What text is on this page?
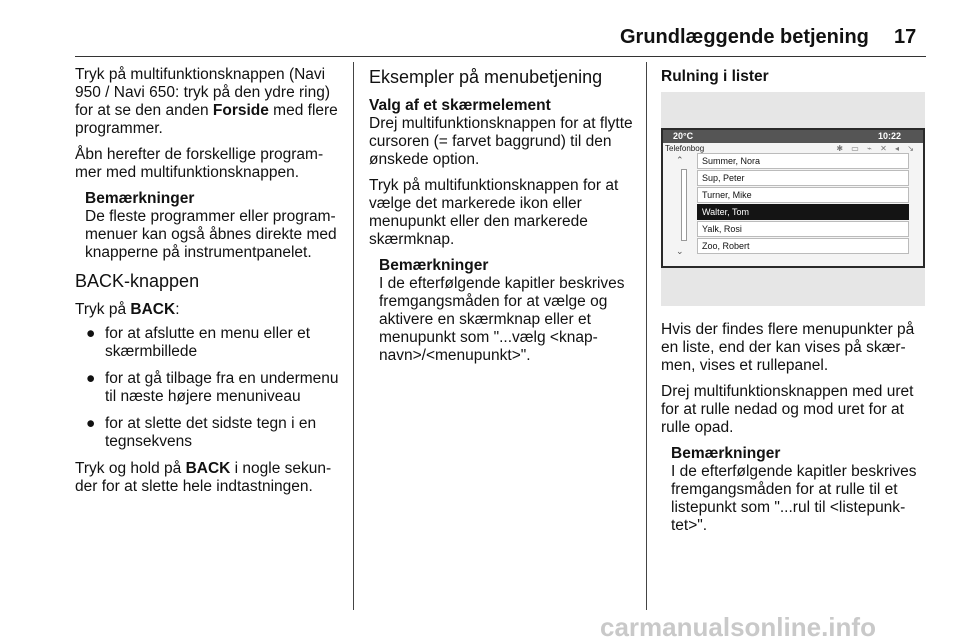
Grundlæggende betjening 17

Tryk på multifunktionsknappen (Navi 950 / Navi 650: tryk på den ydre ring) for at se den anden Forside med flere programmer.

Åbn herefter de forskellige programmer med multifunktionsknappen.

Bemærkninger
De fleste programmer eller programmenuer kan også åbnes direkte med knapperne på instrumentpanelet.
BACK-knappen

Tryk på BACK:

● for at afslutte en menu eller et skærmbillede
● for at gå tilbage fra en undermenu til næste højere menuniveau
● for at slette det sidste tegn i en tegnsekvens

Tryk og hold på BACK i nogle sekunder for at slette hele indtastningen.

Eksempler på menubetjening
Valg af et skærmelement

Drej multifunktionsknappen for at flytte cursoren (= farvet baggrund) til den ønskede option.

Tryk på multifunktionsknappen for at vælge det markerede ikon eller menupunkt eller den markerede skærmknap.

Bemærkninger
I de efterfølgende kapitler beskrives fremgangsmåden for at vælge og aktivere en skærmknap eller et menupunkt som "...vælg <knapnavn>/<menupunkt>".
Rulning i lister
20°C	10:22
Telefonbog	✱ ▭ ⌁ ✕ ◂ ↘
⌃
⌄
Summer, Nora
Sup, Peter
Turner, Mike
Walter, Tom
Yalk, Rosi
Zoo, Robert

Hvis der findes flere menupunkter på en liste, end der kan vises på skærmen, vises et rullepanel.

Drej multifunktionsknappen med uret for at rulle nedad og mod uret for at rulle opad.

Bemærkninger
I de efterfølgende kapitler beskrives fremgangsmåden for at rulle til et listepunkt som "...rul til <listepunktet>".
carmanualsonline.info
